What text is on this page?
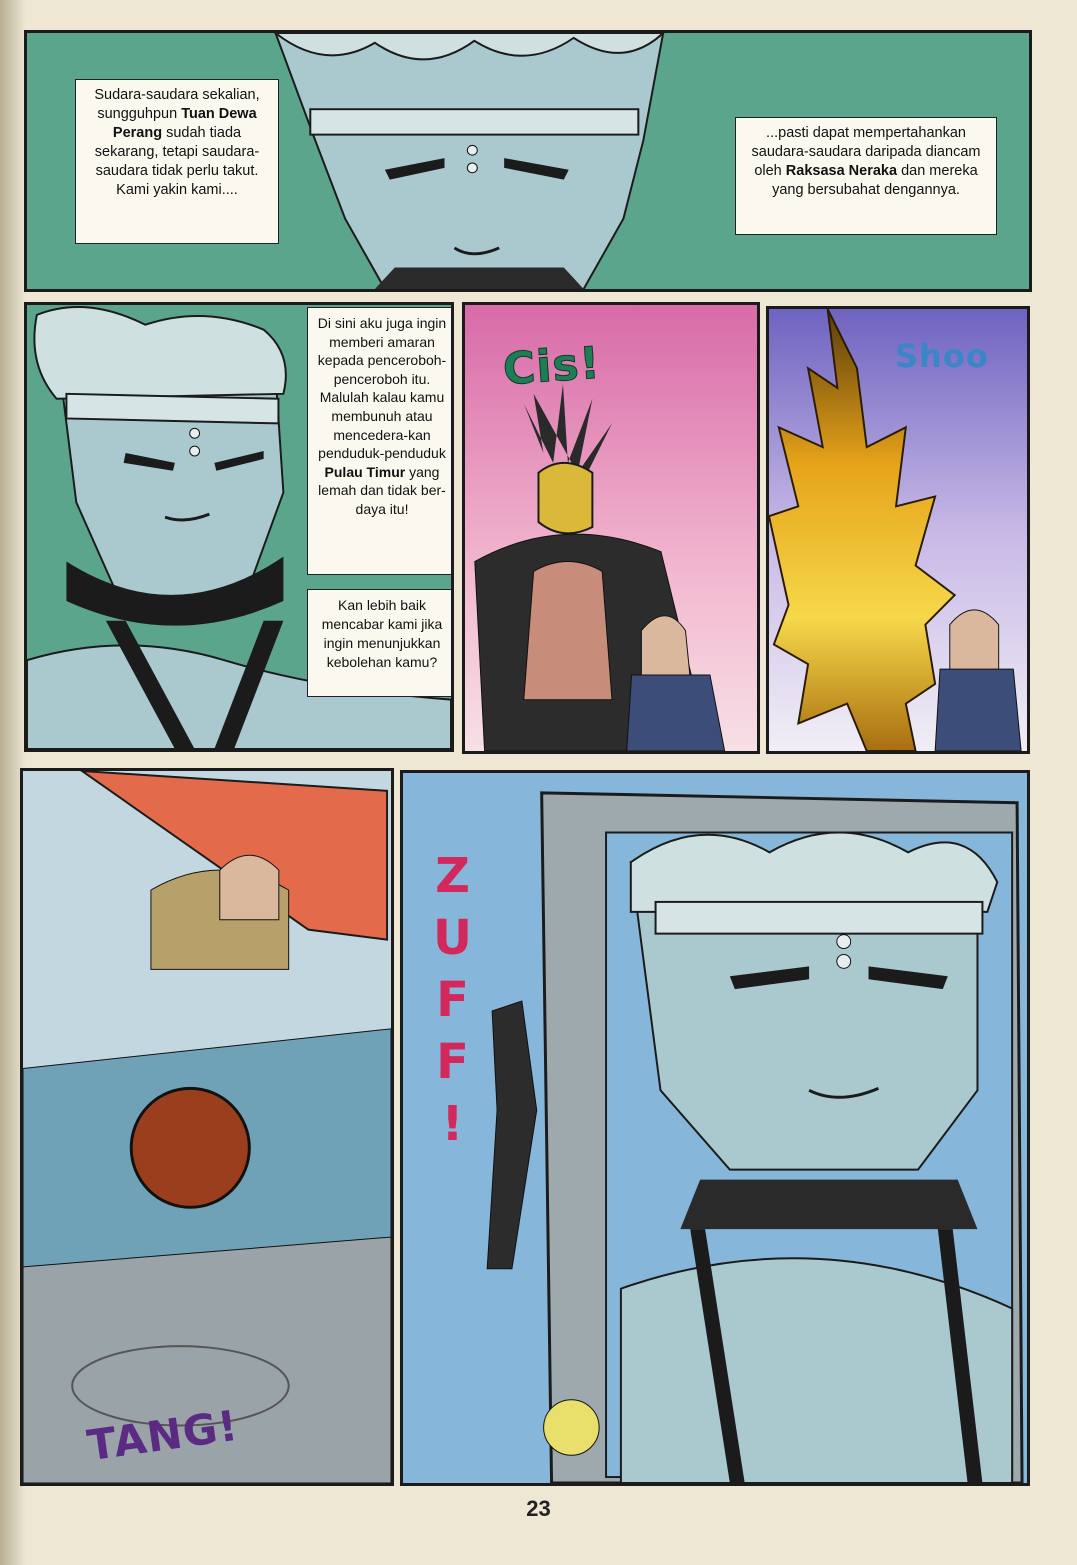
Sudara-saudara sekalian, sungguhpun Tuan Dewa Perang sudah tiada sekarang, tetapi saudara-saudara tidak perlu takut. Kami yakin kami....
...pasti dapat mempertahankan saudara-saudara daripada diancam oleh Raksasa Neraka dan mereka yang bersubahat dengannya.
Di sini aku juga ingin memberi amaran kepada penceroboh-penceroboh itu. Malulah kalau kamu membunuh atau mencedera-kan penduduk-penduduk Pulau Timur yang lemah dan tidak ber-daya itu!
Kan lebih baik mencabar kami jika ingin menunjukkan kebolehan kamu?
Cis!	Shoo
TANG!
Z
U
F
F
!
23
